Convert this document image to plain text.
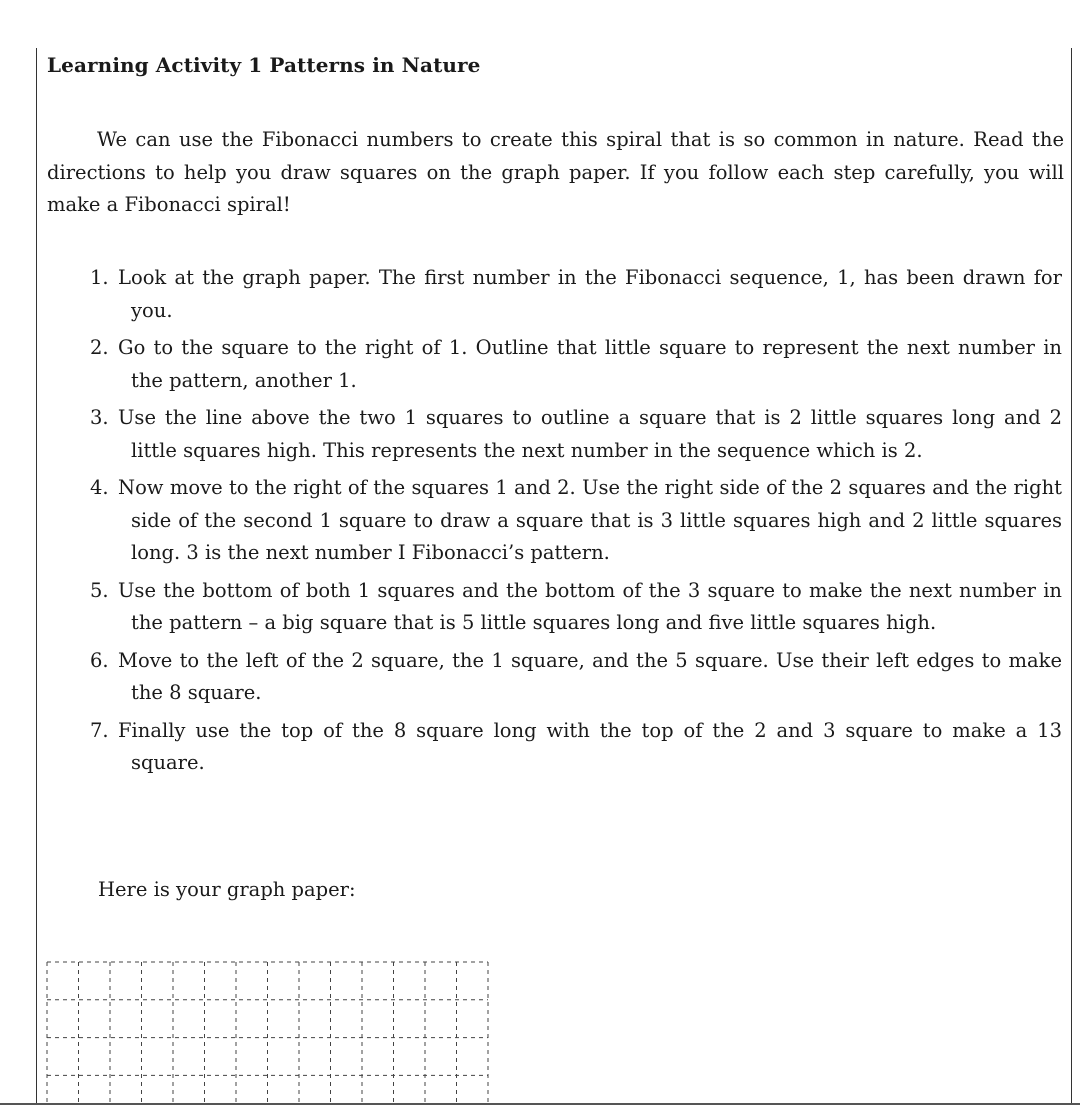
Learning Activity 1 Patterns in Nature

We can use the Fibonacci numbers to create this spiral that is so common in nature. Read the directions to help you draw squares on the graph paper. If you follow each step carefully, you will make a Fibonacci spiral!

1. Look at the graph paper. The first number in the Fibonacci sequence, 1, has been drawn for you.
2. Go to the square to the right of 1. Outline that little square to represent the next number in the pattern, another 1.
3. Use the line above the two 1 squares to outline a square that is 2 little squares long and 2 little squares high. This represents the next number in the sequence which is 2.
4. Now move to the right of the squares 1 and 2. Use the right side of the 2 squares and the right side of the second 1 square to draw a square that is 3 little squares high and 2 little squares long. 3 is the next number I Fibonacci’s pattern.
5. Use the bottom of both 1 squares and the bottom of the 3 square to make the next number in the pattern – a big square that is 5 little squares long and five little squares high.
6. Move to the left of the 2 square, the 1 square, and the 5 square. Use their left edges to make the 8 square.
7. Finally use the top of the 8 square long with the top of the 2 and 3 square to make a 13 square.
Here is your graph paper:
